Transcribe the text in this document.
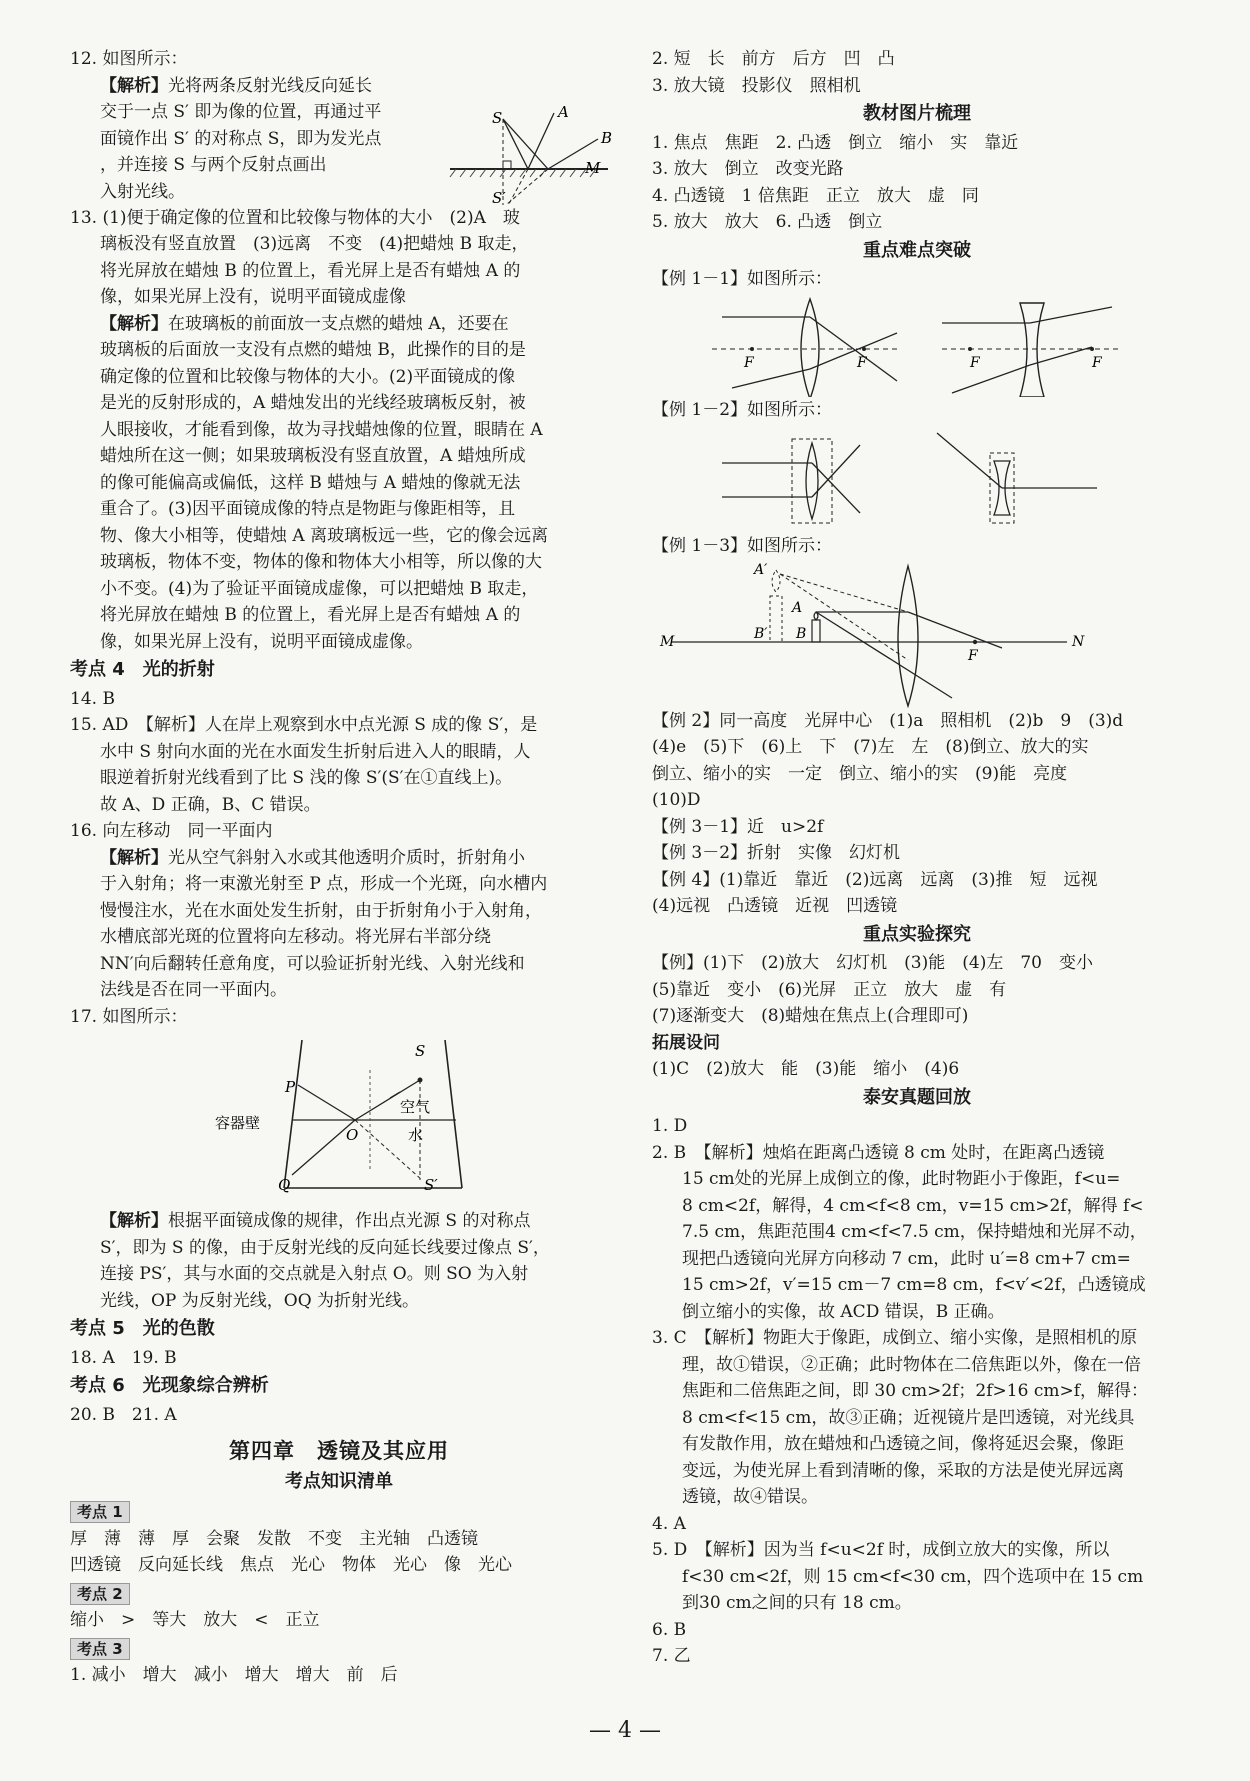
12. 如图所示：

【解析】光将两条反射光线反向延长

交于一点 S′ 即为像的位置，再通过平

面镜作出 S′ 的对称点 S，即为发光点

，并连接 S 与两个反射点画出

入射光线。

S	A
B
M
S′

13. (1)便于确定像的位置和比较像与物体的大小　(2)A　玻

璃板没有竖直放置　(3)远离　不变　(4)把蜡烛 B 取走，

将光屏放在蜡烛 B 的位置上，看光屏上是否有蜡烛 A 的

像，如果光屏上没有，说明平面镜成虚像

【解析】在玻璃板的前面放一支点燃的蜡烛 A，还要在

玻璃板的后面放一支没有点燃的蜡烛 B，此操作的目的是

确定像的位置和比较像与物体的大小。(2)平面镜成的像

是光的反射形成的，A 蜡烛发出的光线经玻璃板反射，被

人眼接收，才能看到像，故为寻找蜡烛像的位置，眼睛在 A

蜡烛所在这一侧；如果玻璃板没有竖直放置，A 蜡烛所成

的像可能偏高或偏低，这样 B 蜡烛与 A 蜡烛的像就无法

重合了。(3)因平面镜成像的特点是物距与像距相等，且

物、像大小相等，使蜡烛 A 离玻璃板远一些，它的像会远离

玻璃板，物体不变，物体的像和物体大小相等，所以像的大

小不变。(4)为了验证平面镜成虚像，可以把蜡烛 B 取走，

将光屏放在蜡烛 B 的位置上，看光屏上是否有蜡烛 A 的

像，如果光屏上没有，说明平面镜成虚像。

考点 4　光的折射

14. B

15. AD　【解析】人在岸上观察到水中点光源 S 成的像 S′，是

水中 S 射向水面的光在水面发生折射后进入人的眼睛，人

眼逆着折射光线看到了比 S 浅的像 S′(S′在①直线上)。

故 A、D 正确，B、C 错误。

16. 向左移动　同一平面内

【解析】光从空气斜射入水或其他透明介质时，折射角小

于入射角；将一束激光射至 P 点，形成一个光斑，向水槽内

慢慢注水，光在水面处发生折射，由于折射角小于入射角，

水槽底部光斑的位置将向左移动。将光屏右半部分绕

NN′向后翻转任意角度，可以验证折射光线、入射光线和

法线是否在同一平面内。

17. 如图所示：

S
P
空气
水
容器壁
O
Q	S′

【解析】根据平面镜成像的规律，作出点光源 S 的对称点

S′，即为 S 的像，由于反射光线的反向延长线要过像点 S′，

连接 PS′，其与水面的交点就是入射点 O。则 SO 为入射

光线，OP 为反射光线，OQ 为折射光线。

考点 5　光的色散

18. A　19. B

考点 6　光现象综合辨析

20. B　21. A

第四章　透镜及其应用

考点知识清单

考点 1

厚　薄　薄　厚　会聚　发散　不变　主光轴　凸透镜

凹透镜　反向延长线　焦点　光心　物体　光心　像　光心

考点 2

缩小　>　等大　放大　<　正立

考点 3

1. 减小　增大　减小　增大　增大　前　后

2. 短　长　前方　后方　凹　凸

3. 放大镜　投影仪　照相机

教材图片梳理

1. 焦点　焦距　2. 凸透　倒立　缩小　实　靠近

3. 放大　倒立　改变光路

4. 凸透镜　1 倍焦距　正立　放大　虚　同

5. 放大　放大　6. 凸透　倒立

重点难点突破

【例 1－1】如图所示：

F	F	F	F

【例 1－2】如图所示：

【例 1－3】如图所示：

A′
A
B′ B
M	N
F

【例 2】同一高度　光屏中心　(1)a　照相机　(2)b　9　(3)d

(4)e　(5)下　(6)上　下　(7)左　左　(8)倒立、放大的实

倒立、缩小的实　一定　倒立、缩小的实　(9)能　亮度

(10)D

【例 3－1】近　u>2f

【例 3－2】折射　实像　幻灯机

【例 4】(1)靠近　靠近　(2)远离　远离　(3)推　短　远视

(4)远视　凸透镜　近视　凹透镜

重点实验探究

【例】(1)下　(2)放大　幻灯机　(3)能　(4)左　70　变小

(5)靠近　变小　(6)光屏　正立　放大　虚　有

(7)逐渐变大　(8)蜡烛在焦点上(合理即可)

拓展设问

(1)C　(2)放大　能　(3)能　缩小　(4)6

泰安真题回放

1. D

2. B　【解析】烛焰在距离凸透镜 8 cm 处时，在距离凸透镜

15 cm处的光屏上成倒立的像，此时物距小于像距，f<u=

8 cm<2f，解得，4 cm<f<8 cm，v=15 cm>2f，解得 f<

7.5 cm，焦距范围4 cm<f<7.5 cm，保持蜡烛和光屏不动，

现把凸透镜向光屏方向移动 7 cm，此时 u′=8 cm+7 cm=

15 cm>2f，v′=15 cm－7 cm=8 cm，f<v′<2f，凸透镜成

倒立缩小的实像，故 ACD 错误，B 正确。

3. C　【解析】物距大于像距，成倒立、缩小实像，是照相机的原

理，故①错误，②正确；此时物体在二倍焦距以外，像在一倍

焦距和二倍焦距之间，即 30 cm>2f；2f>16 cm>f，解得：

8 cm<f<15 cm，故③正确；近视镜片是凹透镜，对光线具

有发散作用，放在蜡烛和凸透镜之间，像将延迟会聚，像距

变远，为使光屏上看到清晰的像，采取的方法是使光屏远离

透镜，故④错误。

4. A

5. D　【解析】因为当 f<u<2f 时，成倒立放大的实像，所以

f<30 cm<2f，则 15 cm<f<30 cm，四个选项中在 15 cm

到30 cm之间的只有 18 cm。

6. B

7. 乙

— 4 —
